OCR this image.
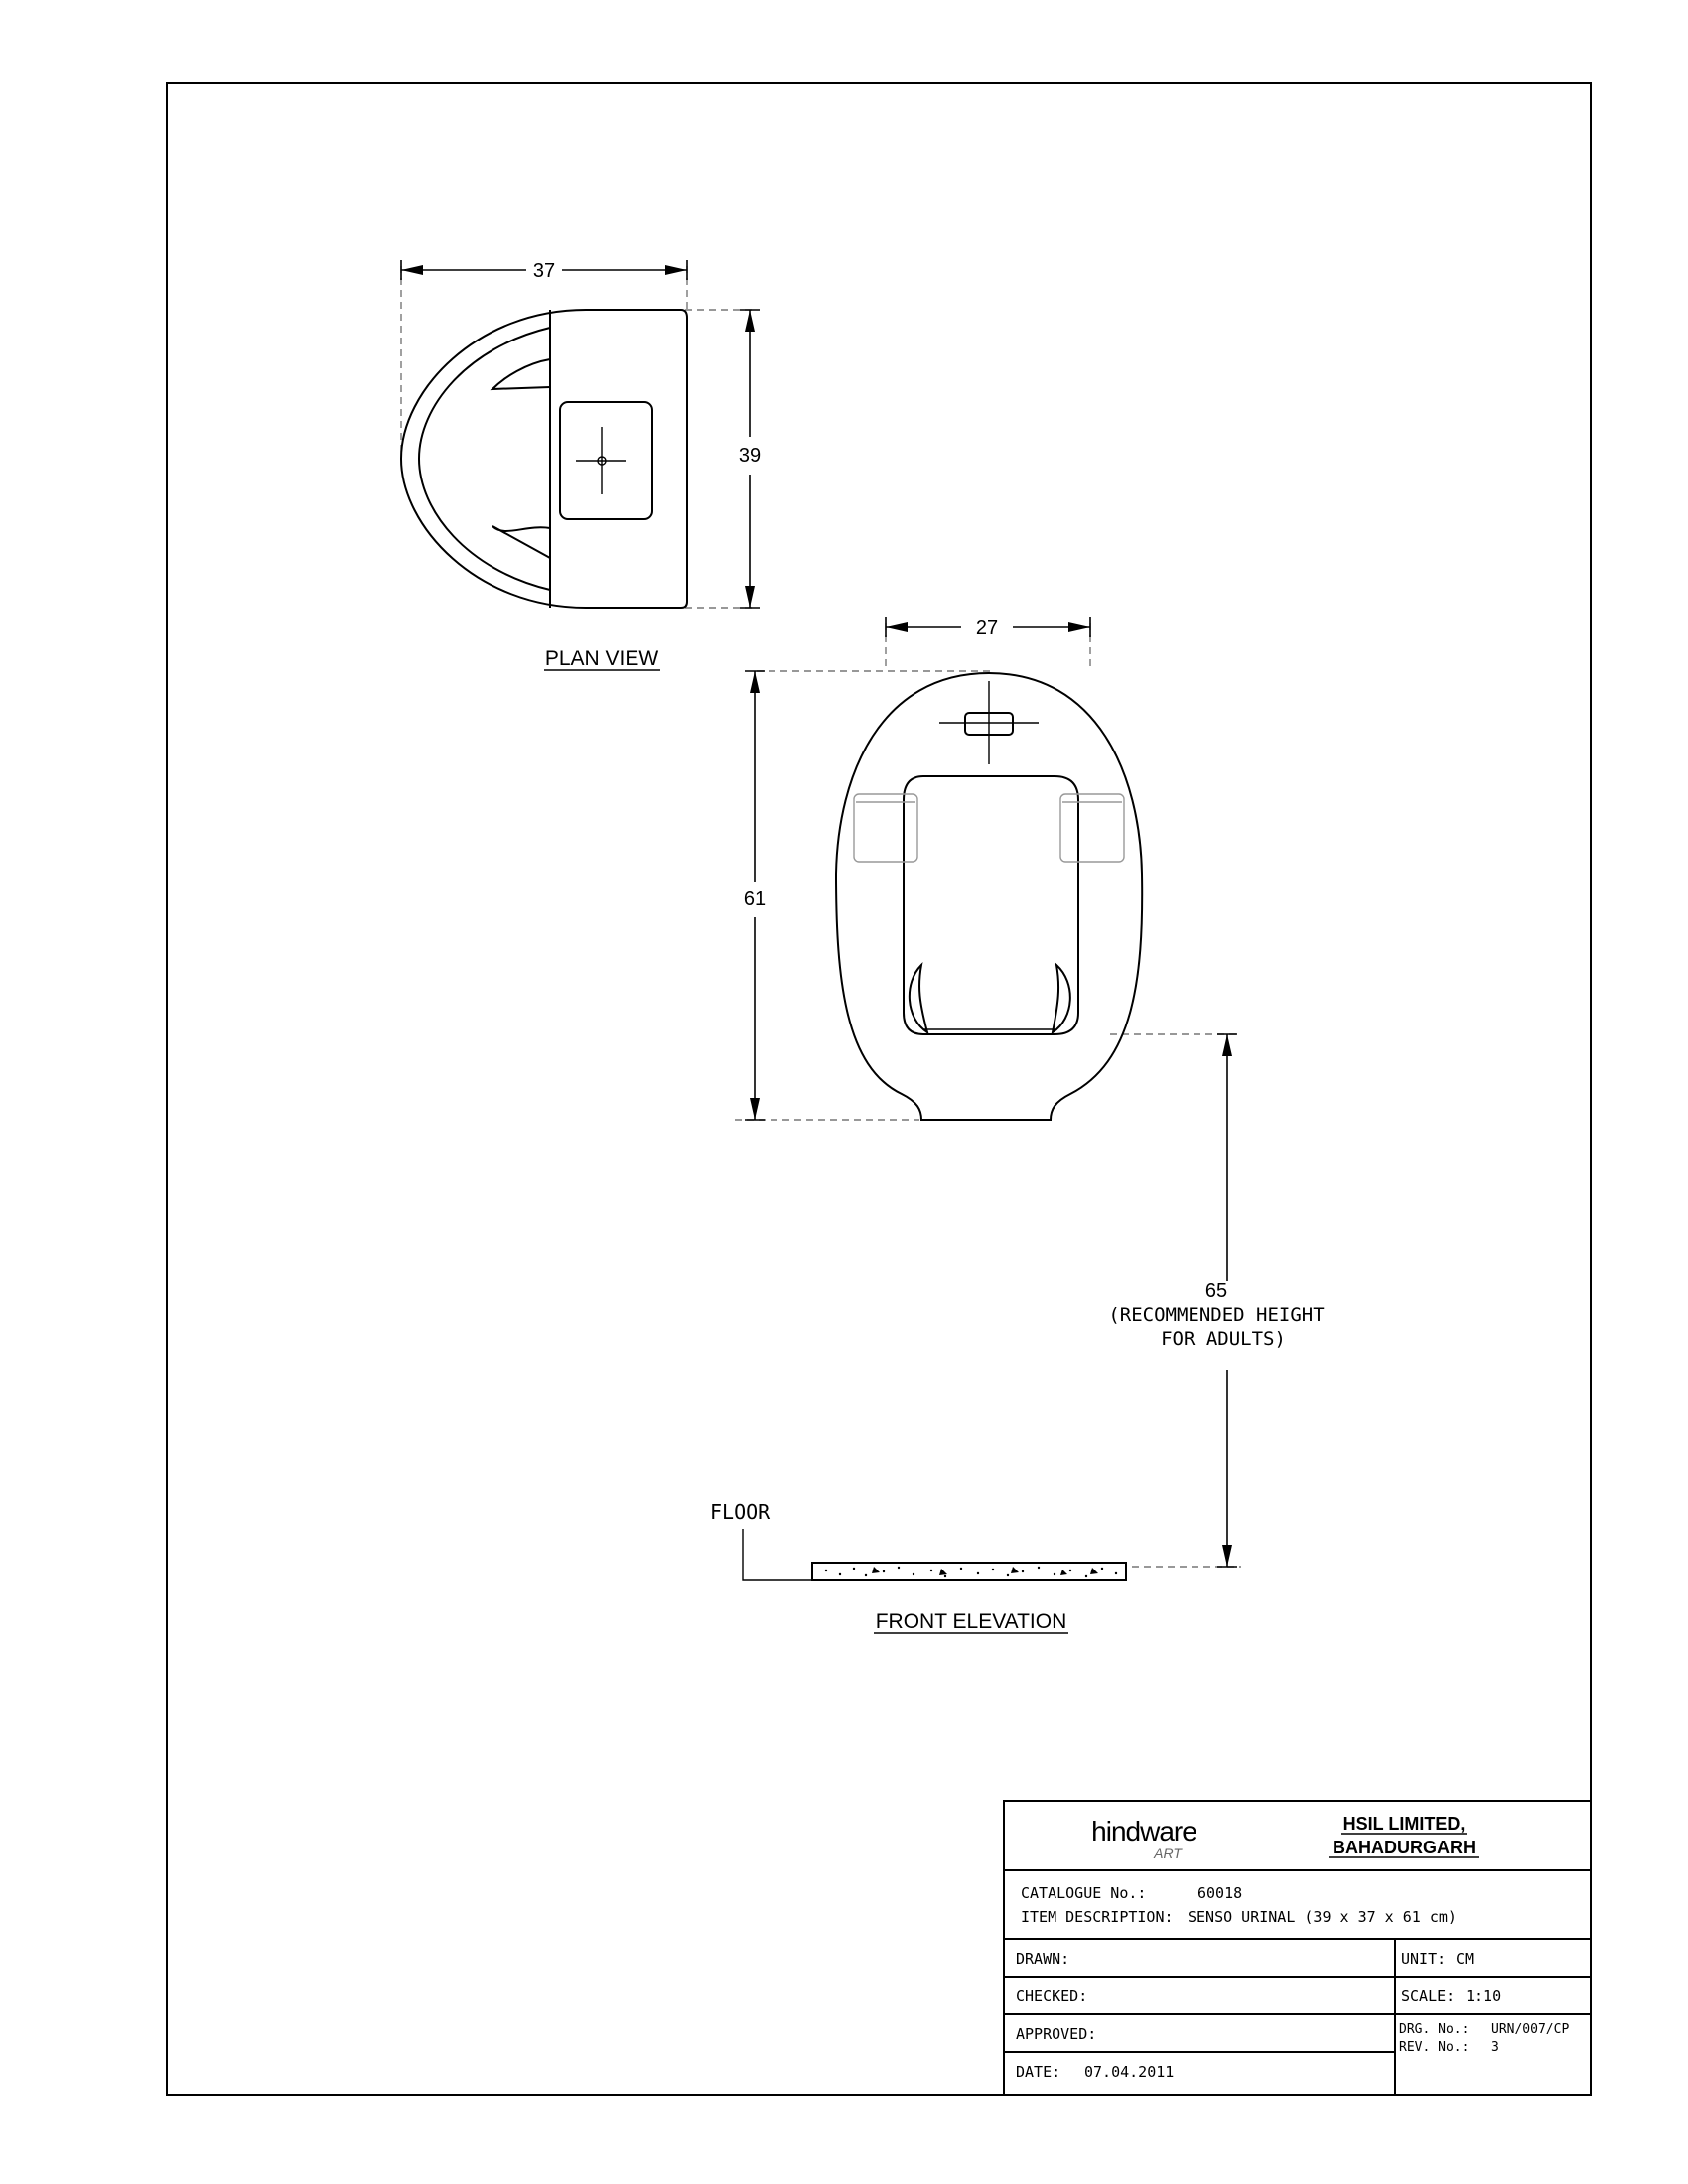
37
39
PLAN VIEW
27
61
65
(RECOMMENDED HEIGHT
FOR ADULTS)
FLOOR
FRONT ELEVATION
hindware
ART
HSIL LIMITED,
BAHADURGARH
CATALOGUE No.:	60018
ITEM DESCRIPTION: SENSO URINAL (39 x 37 x 61 cm)
DRAWN:
CHECKED:
APPROVED:
DATE: 07.04.2011
UNIT: CM
SCALE: 1:10
DRG. No.: URN/007/CP
REV. No.: 3
